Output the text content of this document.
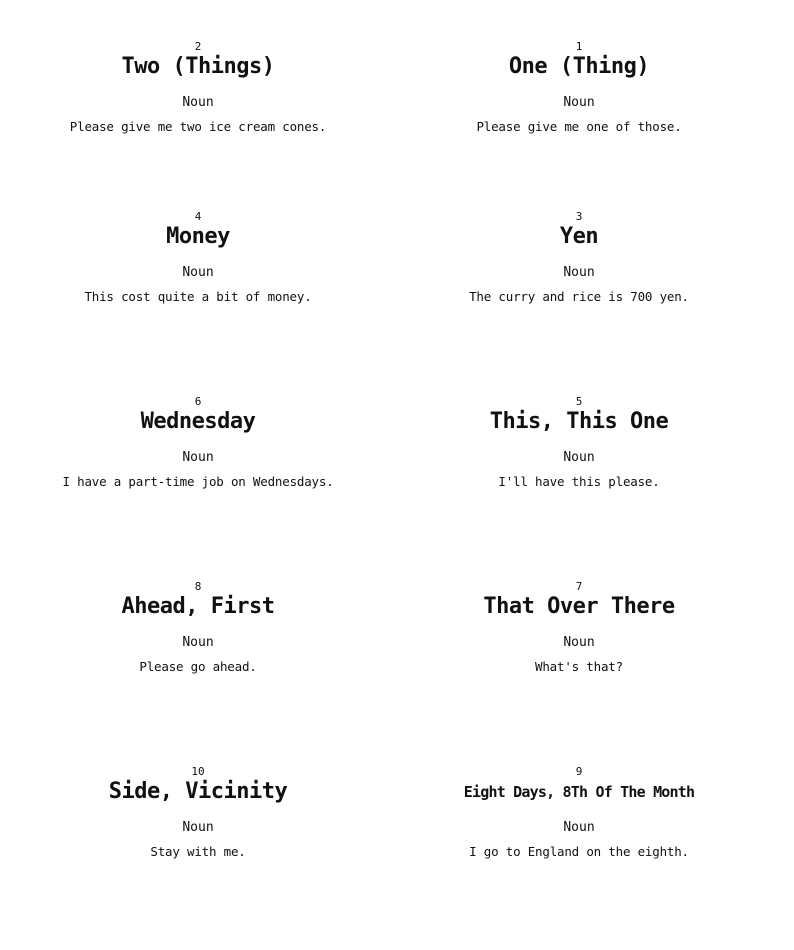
2
Two (Things)
Noun
Please give me two ice cream cones.
1
One (Thing)
Noun
Please give me one of those.
4
Money
Noun
This cost quite a bit of money.
3
Yen
Noun
The curry and rice is 700 yen.
6
Wednesday
Noun
I have a part-time job on Wednesdays.
5
This, This One
Noun
I'll have this please.
8
Ahead, First
Noun
Please go ahead.
7
That Over There
Noun
What's that?
10
Side, Vicinity
Noun
Stay with me.
9
Eight Days, 8Th Of The Month
Noun
I go to England on the eighth.
